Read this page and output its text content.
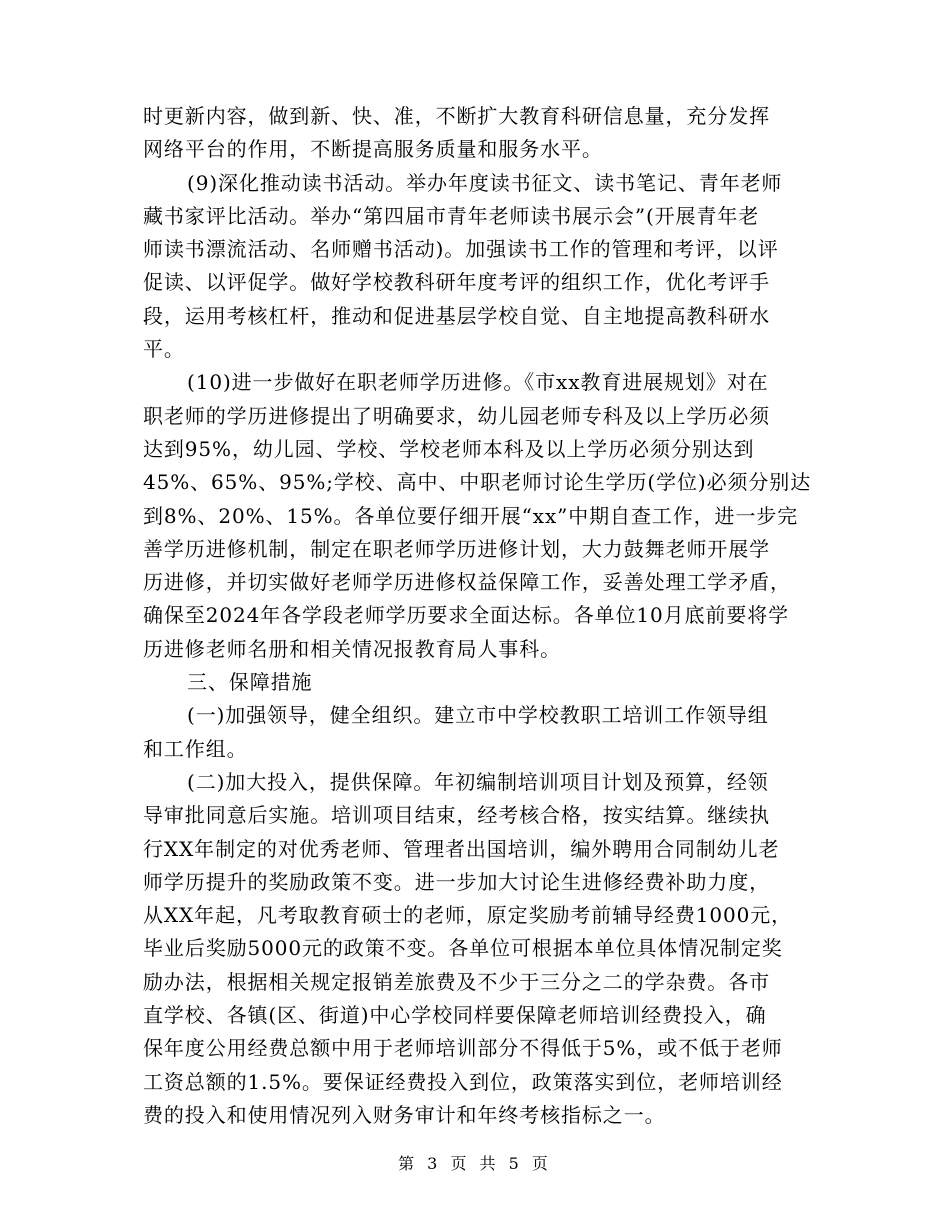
时更新内容，做到新、快、准，不断扩大教育科研信息量，充分发挥
网络平台的作用，不断提高服务质量和服务水平。
(9)深化推动读书活动。举办年度读书征文、读书笔记、青年老师
藏书家评比活动。举办“第四届市青年老师读书展示会”(开展青年老
师读书漂流活动、名师赠书活动)。加强读书工作的管理和考评，以评
促读、以评促学。做好学校教科研年度考评的组织工作，优化考评手
段，运用考核杠杆，推动和促进基层学校自觉、自主地提高教科研水
平。
(10)进一步做好在职老师学历进修。《市xx教育进展规划》对在
职老师的学历进修提出了明确要求，幼儿园老师专科及以上学历必须
达到95%，幼儿园、学校、学校老师本科及以上学历必须分别达到
45%、65%、95%;学校、高中、中职老师讨论生学历(学位)必须分别达
到8%、20%、15%。各单位要仔细开展“xx”中期自查工作，进一步完
善学历进修机制，制定在职老师学历进修计划，大力鼓舞老师开展学
历进修，并切实做好老师学历进修权益保障工作，妥善处理工学矛盾，
确保至2024年各学段老师学历要求全面达标。各单位10月底前要将学
历进修老师名册和相关情况报教育局人事科。
三、保障措施
(一)加强领导，健全组织。建立市中学校教职工培训工作领导组
和工作组。
(二)加大投入，提供保障。年初编制培训项目计划及预算，经领
导审批同意后实施。培训项目结束，经考核合格，按实结算。继续执
行XX年制定的对优秀老师、管理者出国培训，编外聘用合同制幼儿老
师学历提升的奖励政策不变。进一步加大讨论生进修经费补助力度，
从XX年起，凡考取教育硕士的老师，原定奖励考前辅导经费1000元，
毕业后奖励5000元的政策不变。各单位可根据本单位具体情况制定奖
励办法，根据相关规定报销差旅费及不少于三分之二的学杂费。各市
直学校、各镇(区、街道)中心学校同样要保障老师培训经费投入，确
保年度公用经费总额中用于老师培训部分不得低于5%，或不低于老师
工资总额的1.5%。要保证经费投入到位，政策落实到位，老师培训经
费的投入和使用情况列入财务审计和年终考核指标之一。
第 3 页 共 5 页
